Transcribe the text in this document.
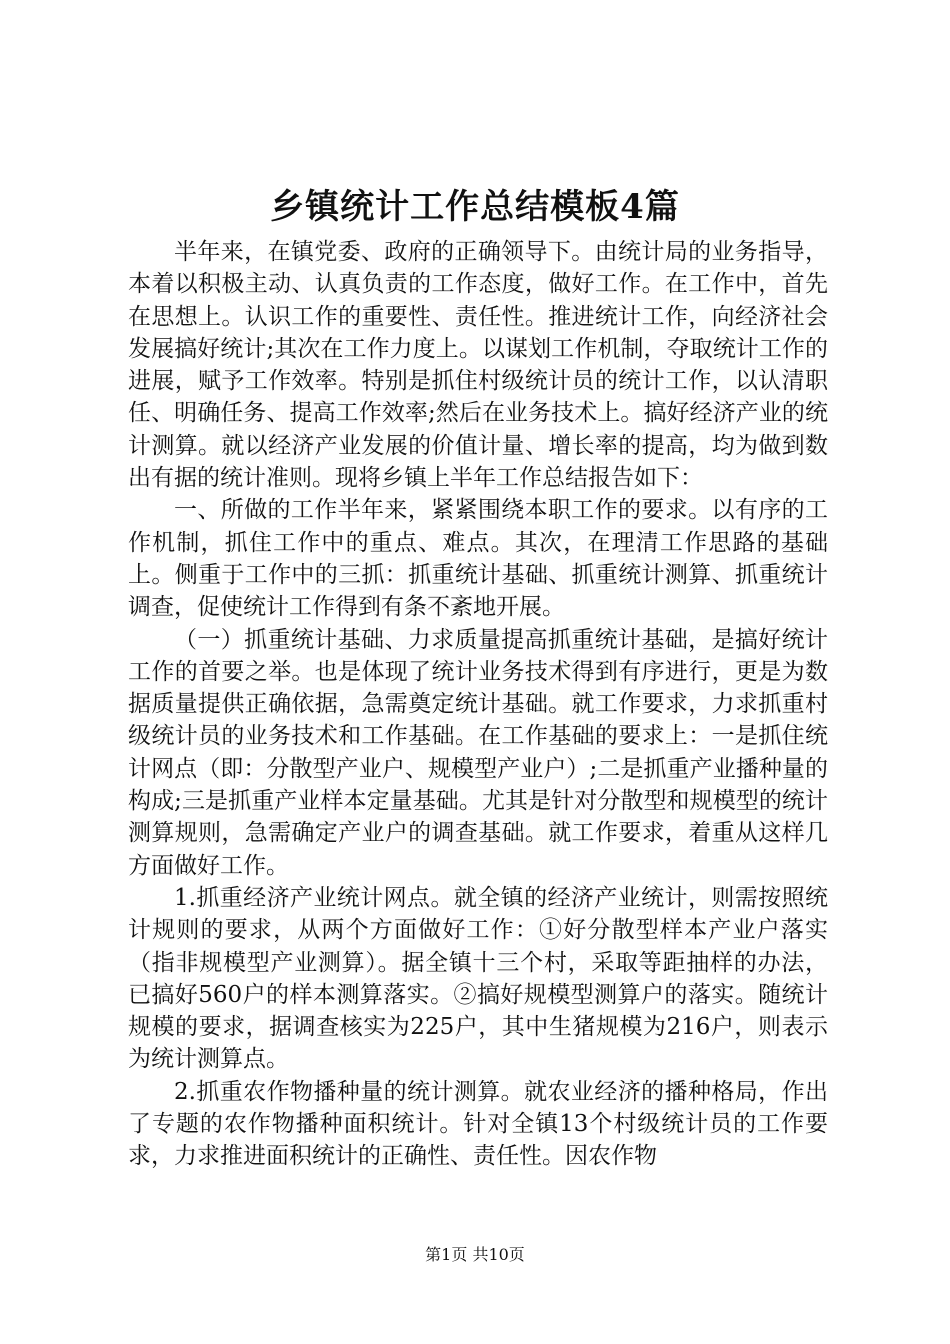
乡镇统计工作总结模板4篇

半年来，在镇党委、政府的正确领导下。由统计局的业务指导，本着以积极主动、认真负责的工作态度，做好工作。在工作中，首先在思想上。认识工作的重要性、责任性。推进统计工作，向经济社会发展搞好统计;其次在工作力度上。以谋划工作机制，夺取统计工作的进展，赋予工作效率。特别是抓住村级统计员的统计工作，以认清职任、明确任务、提高工作效率;然后在业务技术上。搞好经济产业的统计测算。就以经济产业发展的价值计量、增长率的提高，均为做到数出有据的统计准则。现将乡镇上半年工作总结报告如下：

一、所做的工作半年来，紧紧围绕本职工作的要求。以有序的工作机制，抓住工作中的重点、难点。其次，在理清工作思路的基础上。侧重于工作中的三抓：抓重统计基础、抓重统计测算、抓重统计调查，促使统计工作得到有条不紊地开展。

（一）抓重统计基础、力求质量提高抓重统计基础，是搞好统计工作的首要之举。也是体现了统计业务技术得到有序进行，更是为数据质量提供正确依据，急需奠定统计基础。就工作要求，力求抓重村级统计员的业务技术和工作基础。在工作基础的要求上：一是抓住统计网点（即：分散型产业户、规模型产业户）;二是抓重产业播种量的构成;三是抓重产业样本定量基础。尤其是针对分散型和规模型的统计测算规则，急需确定产业户的调查基础。就工作要求，着重从这样几方面做好工作。

1.抓重经济产业统计网点。就全镇的经济产业统计，则需按照统计规则的要求，从两个方面做好工作：①好分散型样本产业户落实（指非规模型产业测算）。据全镇十三个村，采取等距抽样的办法，已搞好560户的样本测算落实。②搞好规模型测算户的落实。随统计规模的要求，据调查核实为225户，其中生猪规模为216户，则表示为统计测算点。

2.抓重农作物播种量的统计测算。就农业经济的播种格局，作出了专题的农作物播种面积统计。针对全镇13个村级统计员的工作要求，力求推进面积统计的正确性、责任性。因农作物

第1页 共10页
